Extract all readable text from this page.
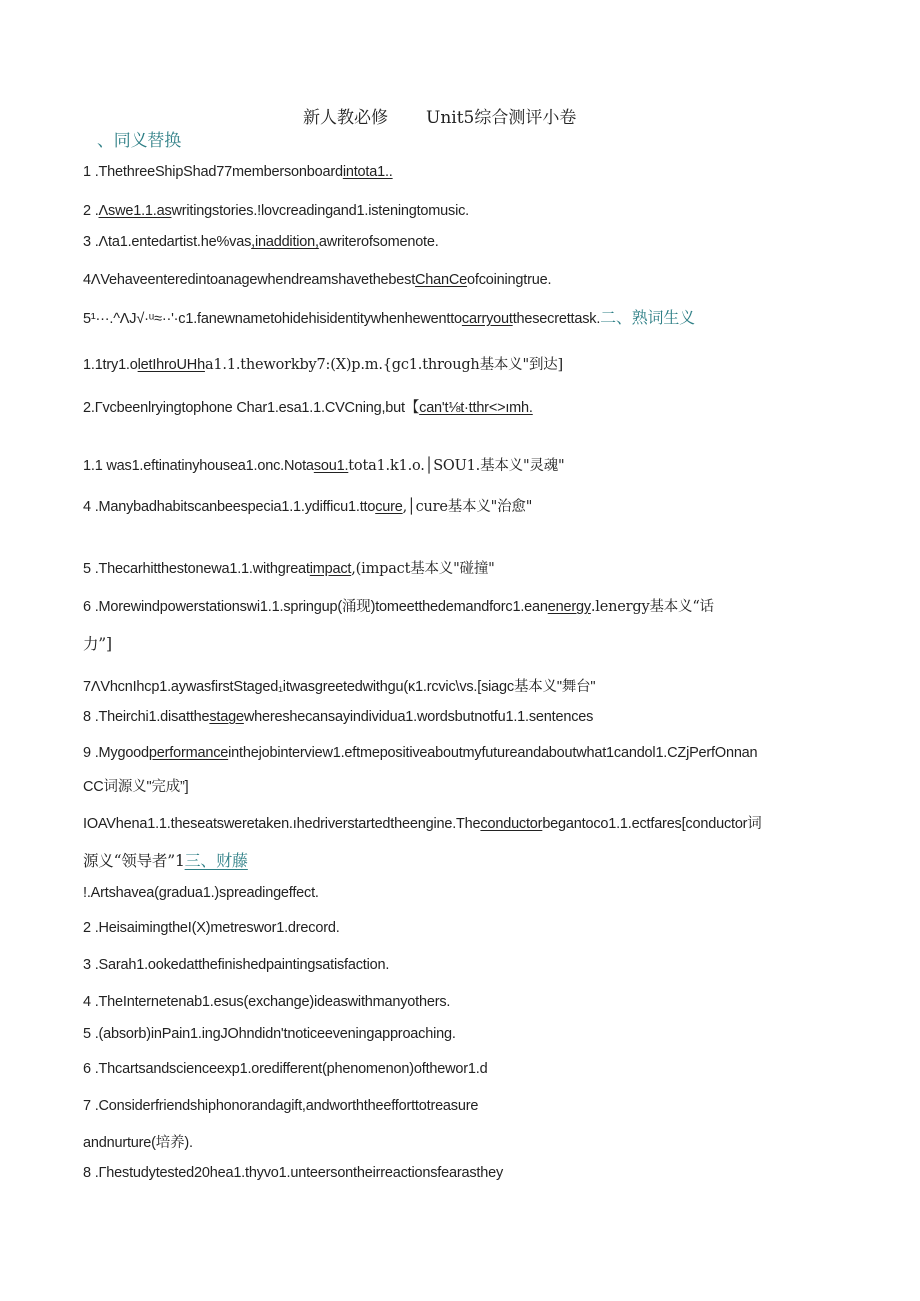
新人教必修 Unit5综合测评小卷
、同义替换
1 .ThethreeShipShad77membersonboardintota1..
2 .Λswe1.1.aswritingstories.!lovcreadingand1.isteningtomusic.
3 .Λta1.entedartist.he%vas,inaddition,awriterofsomenote.
4ΛVehaveenteredintoanagewhendreamshavethebestChanCeofcoiningtrue.
5¹···.^ΛJ√·ᵘ≈··'·c1.fanewnametohidehisidentitywhenhewenttocarryoutthesecrettask.二、熟词生义
1.1try1.oletIhroUHha1.1.theworkby7:(X)p.m.{gc1.through基本义"到达]
2.Γvcbeenlryingtophone Char1.esa1.1.CVCning,but【can't⅛t·tthr<>ımh.
1.1 was1.eftinatinyhousea1.onc.Notasou1.tota1.k1.o.│SOU1.基本义"灵魂"
4 .Manybadhabitscanbeespecia1.1.ydifficu1.ttocure,│cure基本义"治愈"
5 .Thecarhitthestonewa1.1.withgreatimpact,(impact基本义"碰撞"
6 .Morewindpowerstationswi1.1.springup(涌现)tomeetthedemandforc1.eanenergy.lenergy基本义“话
力”]
7ΛVhcnIhcp1.aywasfirstStaged₁itwasgreetedwithgu(κ1.rcvic\vs.[siagc基本义"舞台"
8 .Theirchi1.disatthestagewhereshecansayindividua1.wordsbutnotfu1.1.sentences
9 .Mygoodperformanceinthejobinterview1.eftmepositiveaboutmyfutureandaboutwhat1candol1.CZjPerfOnnan
CC词源义"完成”]
IOAVhena1.1.theseatsweretaken.ıhedriverstartedtheengine.Theconductorbegantoco1.1.ectfares[conductor词
源义“领导者”1三、财藤
!.Artshavea(gradua1.)spreadingeffect.
2 .HeisaimingtheI(X)metreswor1.drecord.
3 .Sarah1.ookedatthefinishedpaintingsatisfaction.
4 .TheInternetenab1.esus(exchange)ideaswithmanyothers.
5 .(absorb)inPain1.ingJOhndidn'tnoticeeveningapproaching.
6 .Thcartsandscienceexp1.oredifferent(phenomenon)ofthewor1.d
7 .Considerfriendshiphonorandagift,andworththeefforttotreasure
andnurture(培养).
8 .Γhestudytested20hea1.thyvo1.unteersontheirreactionsfearasthey
